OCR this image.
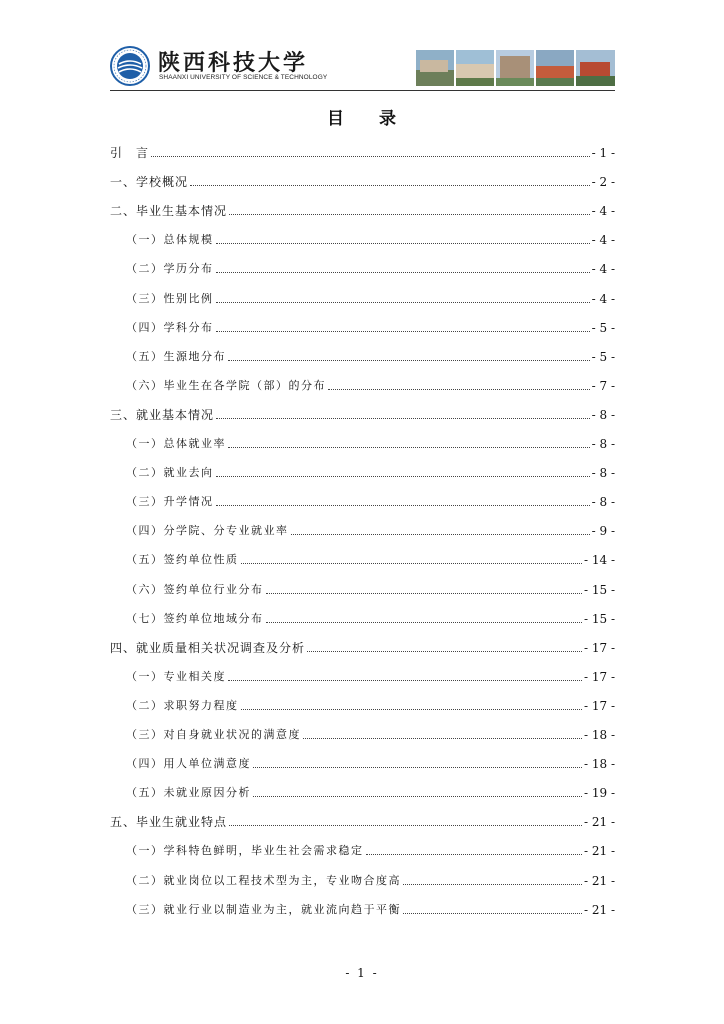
陕西科技大学
SHAANXI UNIVERSITY OF SCIENCE & TECHNOLOGY
目 录
引　言	- 1 -
一、学校概况	- 2 -
二、毕业生基本情况	- 4 -
（一）总体规模	- 4 -
（二）学历分布	- 4 -
（三）性别比例	- 4 -
（四）学科分布	- 5 -
（五）生源地分布	- 5 -
（六）毕业生在各学院（部）的分布	- 7 -
三、就业基本情况	- 8 -
（一）总体就业率	- 8 -
（二）就业去向	- 8 -
（三）升学情况	- 8 -
（四）分学院、分专业就业率	- 9 -
（五）签约单位性质	- 14 -
（六）签约单位行业分布	- 15 -
（七）签约单位地域分布	- 15 -
四、就业质量相关状况调查及分析	- 17 -
（一）专业相关度	- 17 -
（二）求职努力程度	- 17 -
（三）对自身就业状况的满意度	- 18 -
（四）用人单位满意度	- 18 -
（五）未就业原因分析	- 19 -
五、毕业生就业特点	- 21 -
（一）学科特色鲜明，毕业生社会需求稳定	- 21 -
（二）就业岗位以工程技术型为主，专业吻合度高	- 21 -
（三）就业行业以制造业为主，就业流向趋于平衡	- 21 -
- 1 -
